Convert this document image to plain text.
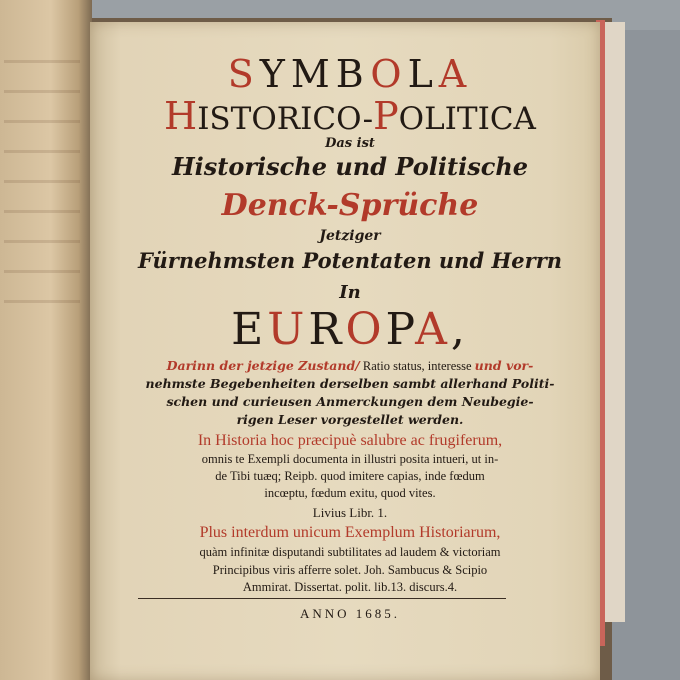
SYMBOLA

HISTORICO-POLITICA

Das ist

Historische und Politische

Denck-Sprüche

Jetziger

Fürnehmsten Potentaten und Herrn

In

EUROPA,

Darinn der jetzige Zustand/ Ratio status, interesse und vor-

nehmste Begebenheiten derselben sambt allerhand Politi-

schen und curieusen Anmerckungen dem Neubegie-

rigen Leser vorgestellet werden.

In Historia hoc præcipuè salubre ac frugiferum,

omnis te Exempli documenta in illustri posita intueri, ut in-

de Tibi tuæq; Reipb. quod imitere capias, inde fœdum

incœptu, fœdum exitu, quod vites.

Livius Libr. 1.

Plus interdum unicum Exemplum Historiarum,

quàm infinitæ disputandi subtilitates ad laudem & victoriam

Principibus viris afferre solet. Joh. Sambucus & Scipio

Ammirat. Dissertat. polit. lib.13. discurs.4.

ANNO 1685.
